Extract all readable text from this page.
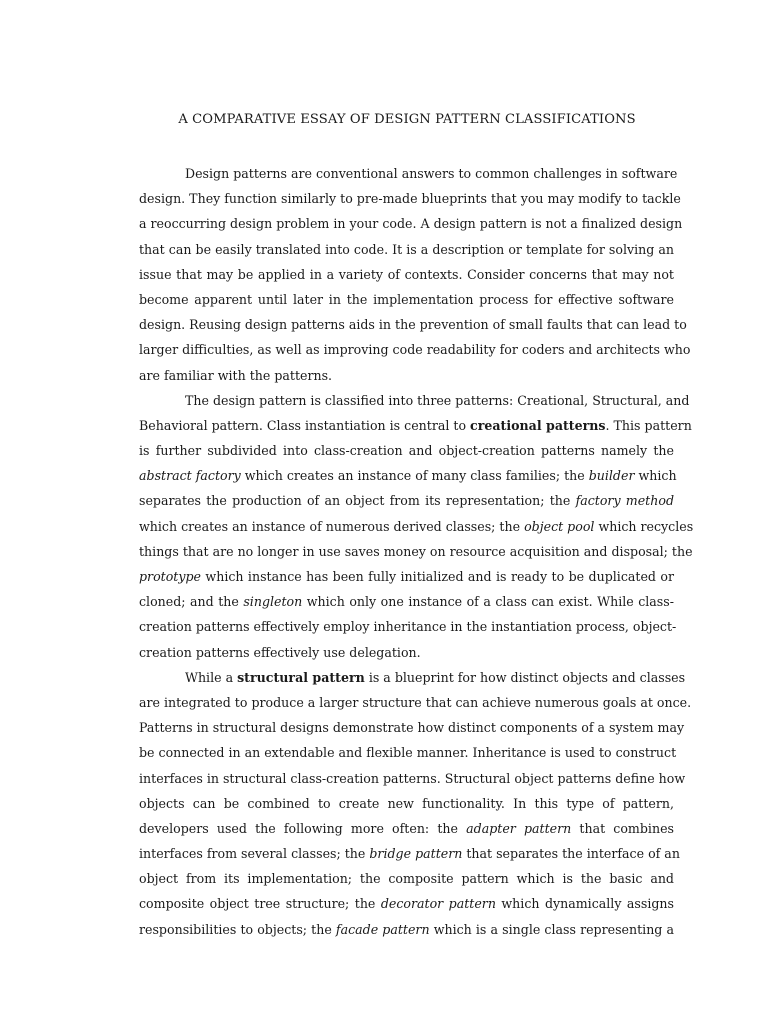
A COMPARATIVE ESSAY OF DESIGN PATTERN CLASSIFICATIONS
Design patterns are conventional answers to common challenges in software
design. They function similarly to pre-made blueprints that you may modify to tackle
a reoccurring design problem in your code. A design pattern is not a finalized design
that can be easily translated into code. It is a description or template for solving an
issue that may be applied in a variety of contexts. Consider concerns that may not
become apparent until later in the implementation process for effective software
design. Reusing design patterns aids in the prevention of small faults that can lead to
larger difficulties, as well as improving code readability for coders and architects who
are familiar with the patterns.
The design pattern is classified into three patterns: Creational, Structural, and
Behavioral pattern. Class instantiation is central to creational patterns. This pattern
is further subdivided into class-creation and object-creation patterns namely the
abstract factory which creates an instance of many class families; the builder which
separates the production of an object from its representation; the factory method
which creates an instance of numerous derived classes; the object pool which recycles
things that are no longer in use saves money on resource acquisition and disposal; the
prototype which instance has been fully initialized and is ready to be duplicated or
cloned; and the singleton which only one instance of a class can exist. While class-
creation patterns effectively employ inheritance in the instantiation process, object-
creation patterns effectively use delegation.
While a structural pattern is a blueprint for how distinct objects and classes
are integrated to produce a larger structure that can achieve numerous goals at once.
Patterns in structural designs demonstrate how distinct components of a system may
be connected in an extendable and flexible manner. Inheritance is used to construct
interfaces in structural class-creation patterns. Structural object patterns define how
objects can be combined to create new functionality. In this type of pattern,
developers used the following more often: the adapter pattern that combines
interfaces from several classes; the bridge pattern that separates the interface of an
object from its implementation; the composite pattern which is the basic and
composite object tree structure; the decorator pattern which dynamically assigns
responsibilities to objects; the facade pattern which is a single class representing a
